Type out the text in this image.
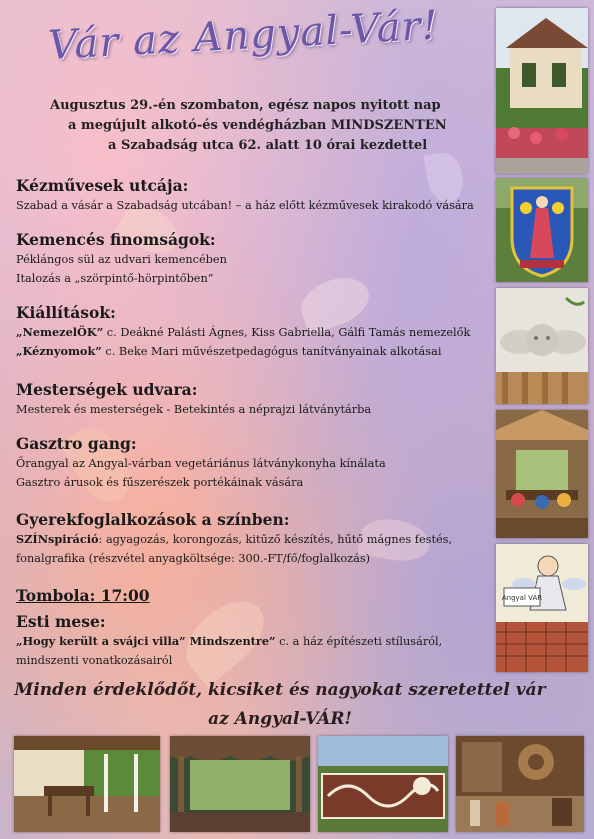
Vár az Angyal-Vár!
Augusztus 29.-én szombaton, egész napos nyitott nap
a megújult alkotó-és vendégházban MINDSZENTEN
a Szabadság utca 62. alatt 10 órai kezdettel
Kézművesek utcája:

Szabad a vásár a Szabadság utcában! – a ház előtt kézművesek kirakodó vására

Kemencés finomságok:

Péklángos sül az udvari kemencében

Italozás a „szörpintő-hörpintőben”

Kiállítások:

„NemezelÖK” c. Deákné Palásti Ágnes, Kiss Gabriella, Gálfi Tamás nemezelők

„Kéznyomok” c. Beke Mari művészetpedagógus tanítványainak alkotásai

Mesterségek udvara:

Mesterek és mesterségek - Betekintés a néprajzi látványtárba

Gasztro gang:

Őrangyal az Angyal-várban vegetáriánus látványkonyha kínálata

Gasztro árusok és fűszerészek portékáinak vására

Gyerekfoglalkozások a színben:

SZÍNspiráció: agyagozás, korongozás, kitűző készítés, hűtő mágnes festés,

fonalgrafika (részvétel anyagköltsége: 300.-FT/fő/foglalkozás)

Tombola: 17:00
Esti mese:

„Hogy került a svájci villa” Mindszentre” c. a ház építészeti stílusáról,

mindszenti vonatkozásairól

Minden érdeklődőt, kicsiket és nagyokat szeretettel vár
az Angyal-VÁR!
Angyal VÁR
